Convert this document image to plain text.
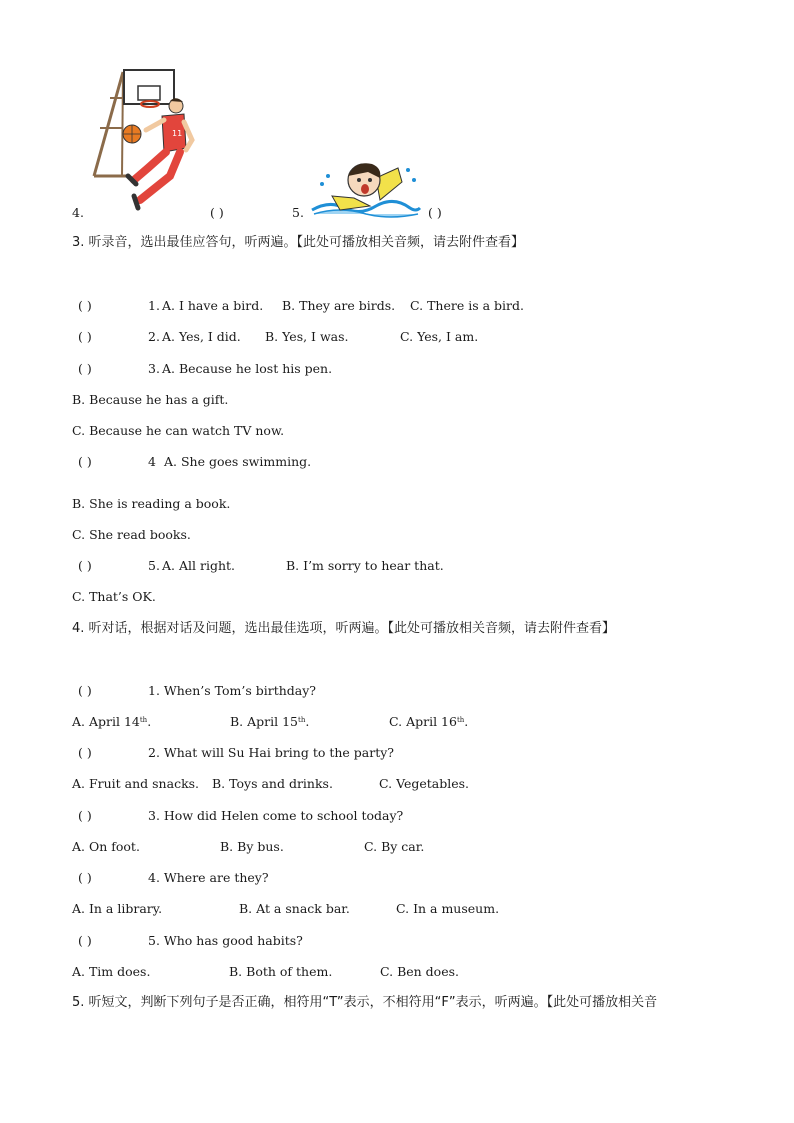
11
4.	( )	5.	( )
3. 听录音，选出最佳应答句，听两遍。【此处可播放相关音频，请去附件查看】
( )	1. A. I have a bird. B. They are birds. C. There is a bird.
( )	2. A. Yes, I did. B. Yes, I was.	C. Yes, I am.
( )	3. A. Because he lost his pen.
B. Because he has a gift.
C. Because he can watch TV now.
( )	4 A. She goes swimming.
B. She is reading a book.
C. She read books.
( )	5. A. All right.	B. I’m sorry to hear that.
C. That’s OK.
4. 听对话，根据对话及问题，选出最佳选项，听两遍。【此处可播放相关音频，请去附件查看】
( )	1. When’s Tom’s birthday?
A. April 14th.	B. April 15th.	C. April 16th.
( )	2. What will Su Hai bring to the party?
A. Fruit and snacks. B. Toys and drinks.	C. Vegetables.
( )	3. How did Helen come to school today?
A. On foot.	B. By bus.	C. By car.
( )	4. Where are they?
A. In a library.	B. At a snack bar.	C. In a museum.
( )	5. Who has good habits?
A. Tim does.	B. Both of them.	C. Ben does.
5. 听短文，判断下列句子是否正确，相符用“T”表示，不相符用“F”表示，听两遍。【此处可播放相关音
